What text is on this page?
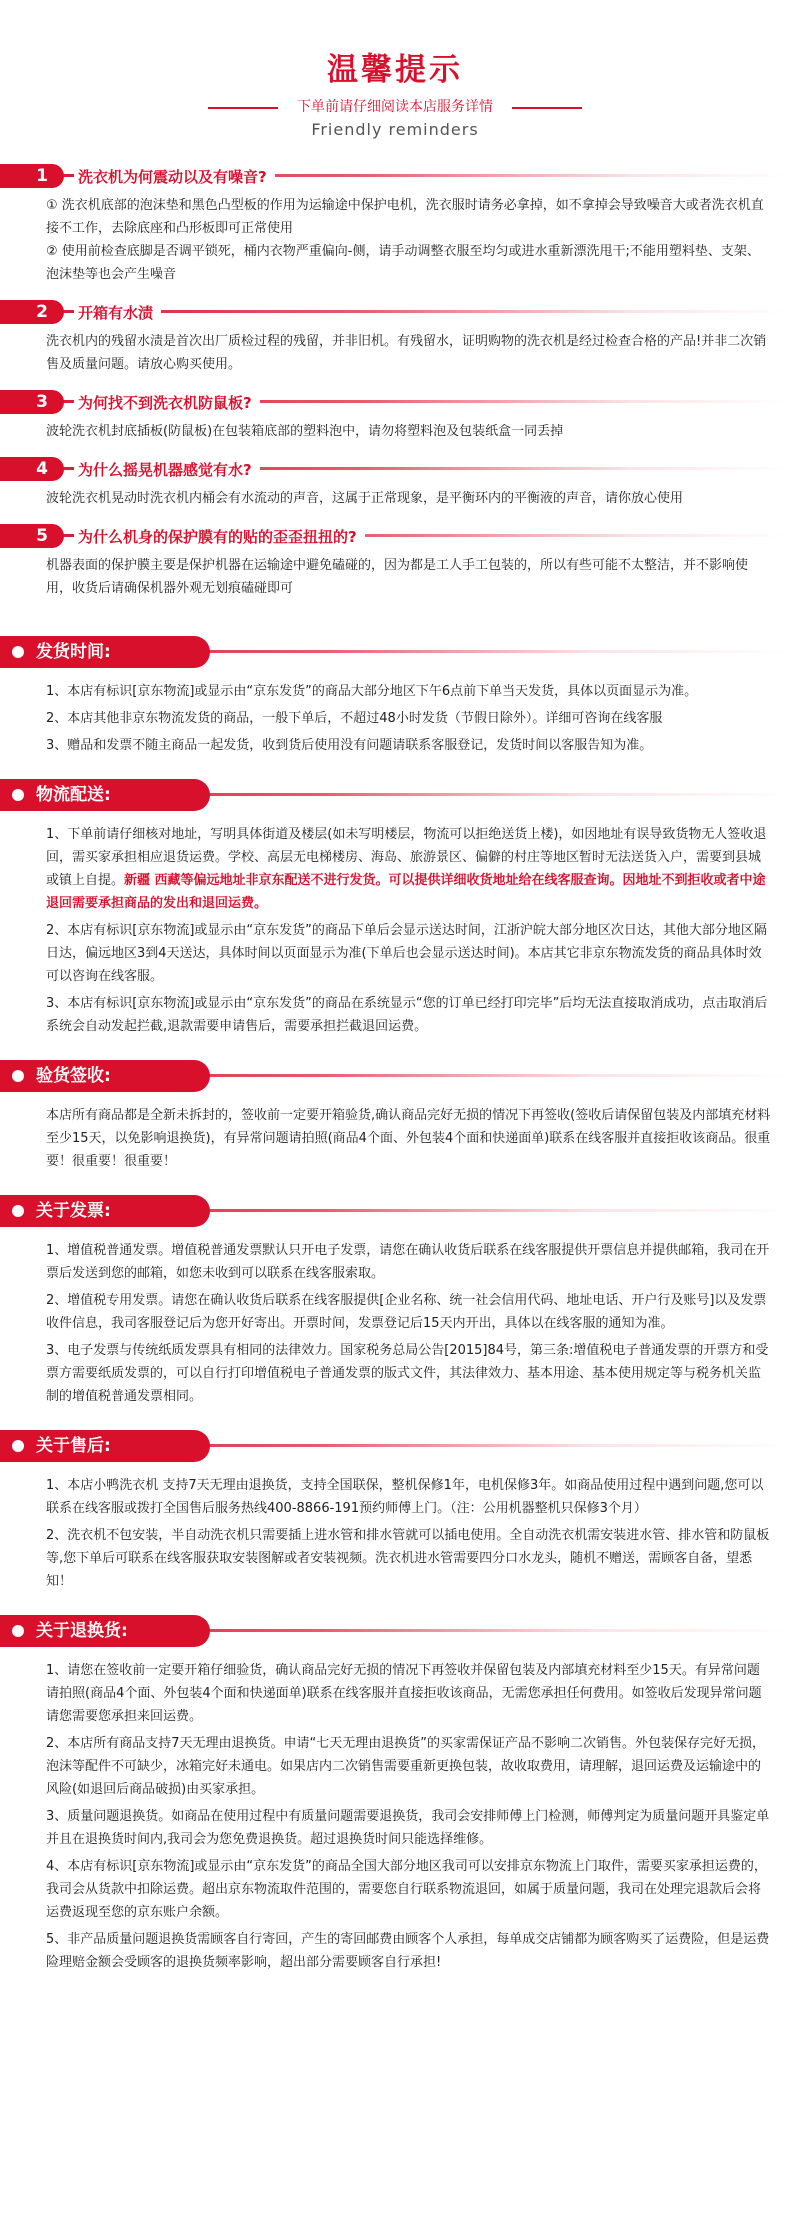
温馨提示
下单前请仔细阅读本店服务详情
Friendly reminders
1	洗衣机为何震动以及有噪音?

① 洗衣机底部的泡沫垫和黑色凸型板的作用为运输途中保护电机，洗衣服时请务必拿掉，如不拿掉会导致噪音大或者洗衣机直接不工作，去除底座和凸形板即可正常使用

② 使用前检查底脚是否调平锁死，桶内衣物严重偏向-侧，请手动调整衣服至均匀或进水重新漂洗甩干;不能用塑料垫、支架、泡沫垫等也会产生噪音

2	开箱有水渍

洗衣机内的残留水渍是首次出厂质检过程的残留，并非旧机。有残留水，证明购物的洗衣机是经过检查合格的产品!并非二次销售及质量问题。请放心购买使用。

3	为何找不到洗衣机防鼠板?

波轮洗衣机封底插板(防鼠板)在包装箱底部的塑料泡中，请勿将塑料泡及包装纸盒一同丢掉

4	为什么摇晃机器感觉有水?

波轮洗衣机晃动时洗衣机内桶会有水流动的声音，这属于正常现象，是平衡环内的平衡液的声音，请你放心使用

5	为什么机身的保护膜有的贴的歪歪扭扭的?

机器表面的保护膜主要是保护机器在运输途中避免磕碰的，因为都是工人手工包装的，所以有些可能不太整洁，并不影响使用，收货后请确保机器外观无划痕磕碰即可

发货时间:

1、本店有标识[京东物流]或显示由“京东发货”的商品大部分地区下午6点前下单当天发货，具体以页面显示为准。

2、本店其他非京东物流发货的商品，一般下单后，不超过48小时发货（节假日除外）。详细可咨询在线客服

3、赠品和发票不随主商品一起发货，收到货后使用没有问题请联系客服登记，发货时间以客服告知为准。

物流配送:

1、下单前请仔细核对地址，写明具体街道及楼层(如未写明楼层，物流可以拒绝送货上楼)，如因地址有误导致货物无人签收退回，需买家承担相应退货运费。学校、高层无电梯楼房、海岛、旅游景区、偏僻的村庄等地区暂时无法送货入户，需要到县城或镇上自提。新疆 西藏等偏远地址非京东配送不进行发货。可以提供详细收货地址给在线客服查询。因地址不到拒收或者中途退回需要承担商品的发出和退回运费。

2、本店有标识[京东物流]或显示由“京东发货”的商品下单后会显示送达时间，江浙沪皖大部分地区次日达，其他大部分地区隔日达，偏远地区3到4天送达，具体时间以页面显示为准(下单后也会显示送达时间)。本店其它非京东物流发货的商品具体时效可以咨询在线客服。

3、本店有标识[京东物流]或显示由“京东发货”的商品在系统显示“您的订单已经打印完毕”后均无法直接取消成功，点击取消后系统会自动发起拦截,退款需要申请售后，需要承担拦截退回运费。

验货签收:

本店所有商品都是全新未拆封的，签收前一定要开箱验货,确认商品完好无损的情况下再签收(签收后请保留包装及内部填充材料至少15天，以免影响退换货)，有异常问题请拍照(商品4个面、外包装4个面和快递面单)联系在线客服并直接拒收该商品。很重要！很重要！很重要！

关于发票:

1、增值税普通发票。增值税普通发票默认只开电子发票，请您在确认收货后联系在线客服提供开票信息并提供邮箱，我司在开票后发送到您的邮箱，如您未收到可以联系在线客服索取。

2、增值税专用发票。请您在确认收货后联系在线客服提供[企业名称、统一社会信用代码、地址电话、开户行及账号]以及发票收件信息，我司客服登记后为您开好寄出。开票时间，发票登记后15天内开出，具体以在线客服的通知为准。

3、电子发票与传统纸质发票具有相同的法律效力。国家税务总局公告[2015]84号，第三条:增值税电子普通发票的开票方和受票方需要纸质发票的，可以自行打印增值税电子普通发票的版式文件，其法律效力、基本用途、基本使用规定等与税务机关监制的增值税普通发票相同。

关于售后:

1、本店小鸭洗衣机 支持7天无理由退换货，支持全国联保，整机保修1年，电机保修3年。如商品使用过程中遇到问题,您可以联系在线客服或拨打全国售后服务热线400-8866-191预约师傅上门。（注：公用机器整机只保修3个月）

2、洗衣机不包安装，半自动洗衣机只需要插上进水管和排水管就可以插电使用。全自动洗衣机需安装进水管、排水管和防鼠板等,您下单后可联系在线客服获取安装图解或者安装视频。洗衣机进水管需要四分口水龙头，随机不赠送，需顾客自备，望悉知！

关于退换货:

1、请您在签收前一定要开箱仔细验货，确认商品完好无损的情况下再签收并保留包装及内部填充材料至少15天。有异常问题请拍照(商品4个面、外包装4个面和快递面单)联系在线客服并直接拒收该商品，无需您承担任何费用。如签收后发现异常问题请您需要您承担来回运费。

2、本店所有商品支持7天无理由退换货。申请“七天无理由退换货”的买家需保证产品不影响二次销售。外包装保存完好无损，泡沫等配件不可缺少，冰箱完好未通电。如果店内二次销售需要重新更换包装，故收取费用，请理解，退回运费及运输途中的风险(如退回后商品破损)由买家承担。

3、质量问题退换货。如商品在使用过程中有质量问题需要退换货，我司会安排师傅上门检测，师傅判定为质量问题开具鉴定单并且在退换货时间内,我司会为您免费退换货。超过退换货时间只能选择维修。

4、本店有标识[京东物流]或显示由“京东发货”的商品全国大部分地区我司可以安排京东物流上门取件，需要买家承担运费的，我司会从货款中扣除运费。超出京东物流取件范围的，需要您自行联系物流退回，如属于质量问题，我司在处理完退款后会将运费返现至您的京东账户余额。

5、非产品质量问题退换货需顾客自行寄回，产生的寄回邮费由顾客个人承担，每单成交店铺都为顾客购买了运费险，但是运费险理赔金额会受顾客的退换货频率影响，超出部分需要顾客自行承担!
